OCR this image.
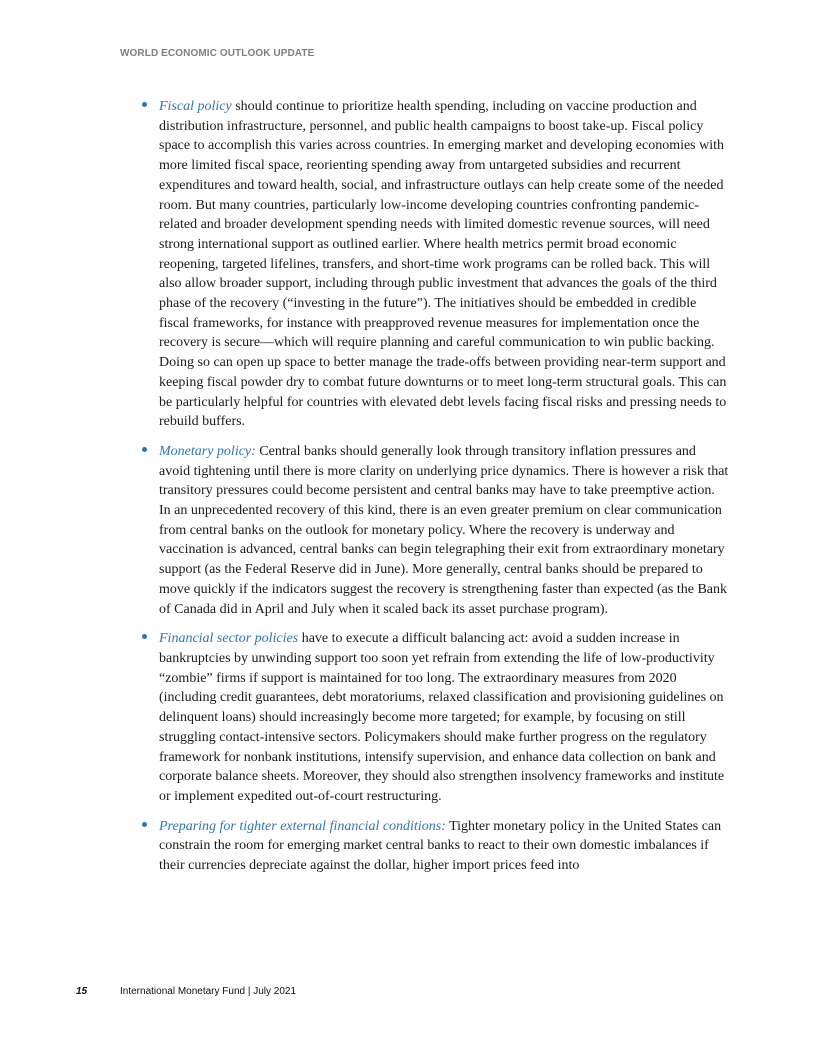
WORLD ECONOMIC OUTLOOK UPDATE

Fiscal policy should continue to prioritize health spending, including on vaccine production and distribution infrastructure, personnel, and public health campaigns to boost take-up. Fiscal policy space to accomplish this varies across countries. In emerging market and developing economies with more limited fiscal space, reorienting spending away from untargeted subsidies and recurrent expenditures and toward health, social, and infrastructure outlays can help create some of the needed room. But many countries, particularly low-income developing countries confronting pandemic-related and broader development spending needs with limited domestic revenue sources, will need strong international support as outlined earlier. Where health metrics permit broad economic reopening, targeted lifelines, transfers, and short-time work programs can be rolled back. This will also allow broader support, including through public investment that advances the goals of the third phase of the recovery (“investing in the future”). The initiatives should be embedded in credible fiscal frameworks, for instance with preapproved revenue measures for implementation once the recovery is secure—which will require planning and careful communication to win public backing. Doing so can open up space to better manage the trade-offs between providing near-term support and keeping fiscal powder dry to combat future downturns or to meet long-term structural goals. This can be particularly helpful for countries with elevated debt levels facing fiscal risks and pressing needs to rebuild buffers.

Monetary policy: Central banks should generally look through transitory inflation pressures and avoid tightening until there is more clarity on underlying price dynamics. There is however a risk that transitory pressures could become persistent and central banks may have to take preemptive action. In an unprecedented recovery of this kind, there is an even greater premium on clear communication from central banks on the outlook for monetary policy. Where the recovery is underway and vaccination is advanced, central banks can begin telegraphing their exit from extraordinary monetary support (as the Federal Reserve did in June). More generally, central banks should be prepared to move quickly if the indicators suggest the recovery is strengthening faster than expected (as the Bank of Canada did in April and July when it scaled back its asset purchase program).

Financial sector policies have to execute a difficult balancing act: avoid a sudden increase in bankruptcies by unwinding support too soon yet refrain from extending the life of low-productivity “zombie” firms if support is maintained for too long. The extraordinary measures from 2020 (including credit guarantees, debt moratoriums, relaxed classification and provisioning guidelines on delinquent loans) should increasingly become more targeted; for example, by focusing on still struggling contact-intensive sectors. Policymakers should make further progress on the regulatory framework for nonbank institutions, intensify supervision, and enhance data collection on bank and corporate balance sheets. Moreover, they should also strengthen insolvency frameworks and institute or implement expedited out-of-court restructuring.

Preparing for tighter external financial conditions: Tighter monetary policy in the United States can constrain the room for emerging market central banks to react to their own domestic imbalances if their currencies depreciate against the dollar, higher import prices feed into

15	International Monetary Fund | July 2021
